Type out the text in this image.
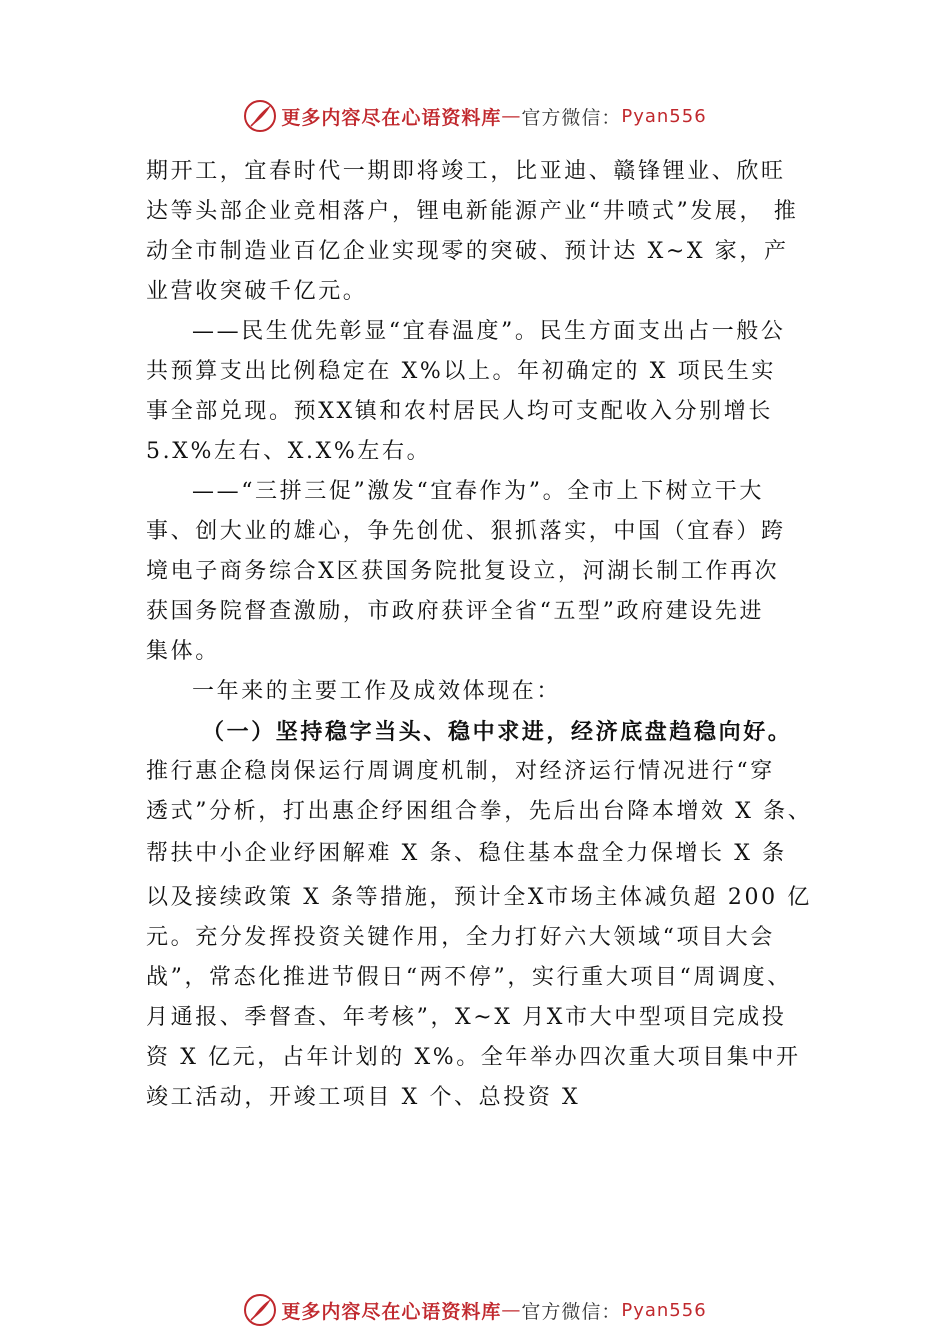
更多内容尽在心语资料库 — 官方微信： Pyan556
期开工，宜春时代一期即将竣工，比亚迪、赣锋锂业、欣旺
达等头部企业竞相落户，锂电新能源产业“井喷式”发展， 推
动全市制造业百亿企业实现零的突破、预计达 X~X 家，产
业营收突破千亿元。
——民生优先彰显“宜春温度”。民生方面支出占一般公
共预算支出比例稳定在 X%以上。年初确定的 X 项民生实
事全部兑现。预XX镇和农村居民人均可支配收入分别增长
5.X%左右、X.X%左右。
——“三拼三促”激发“宜春作为”。全市上下树立干大
事、创大业的雄心，争先创优、狠抓落实，中国（宜春）跨
境电子商务综合X区获国务院批复设立，河湖长制工作再次
获国务院督查激励，市政府获评全省“五型”政府建设先进
集体。
一年来的主要工作及成效体现在：
（一）坚持稳字当头、稳中求进，经济底盘趋稳向好。
推行惠企稳岗保运行周调度机制，对经济运行情况进行“穿
透式”分析，打出惠企纾困组合拳，先后出台降本增效 X 条、
帮扶中小企业纾困解难 X 条、稳住基本盘全力保增长 X 条
以及接续政策 X 条等措施，预计全X市场主体减负超 200 亿
元。充分发挥投资关键作用，全力打好六大领域“项目大会
战”，常态化推进节假日“两不停”，实行重大项目“周调度、
月通报、季督查、年考核”，X~X 月X市大中型项目完成投
资 X 亿元，占年计划的 X%。全年举办四次重大项目集中开
竣工活动，开竣工项目 X 个、总投资 X
更多内容尽在心语资料库 — 官方微信： Pyan556
